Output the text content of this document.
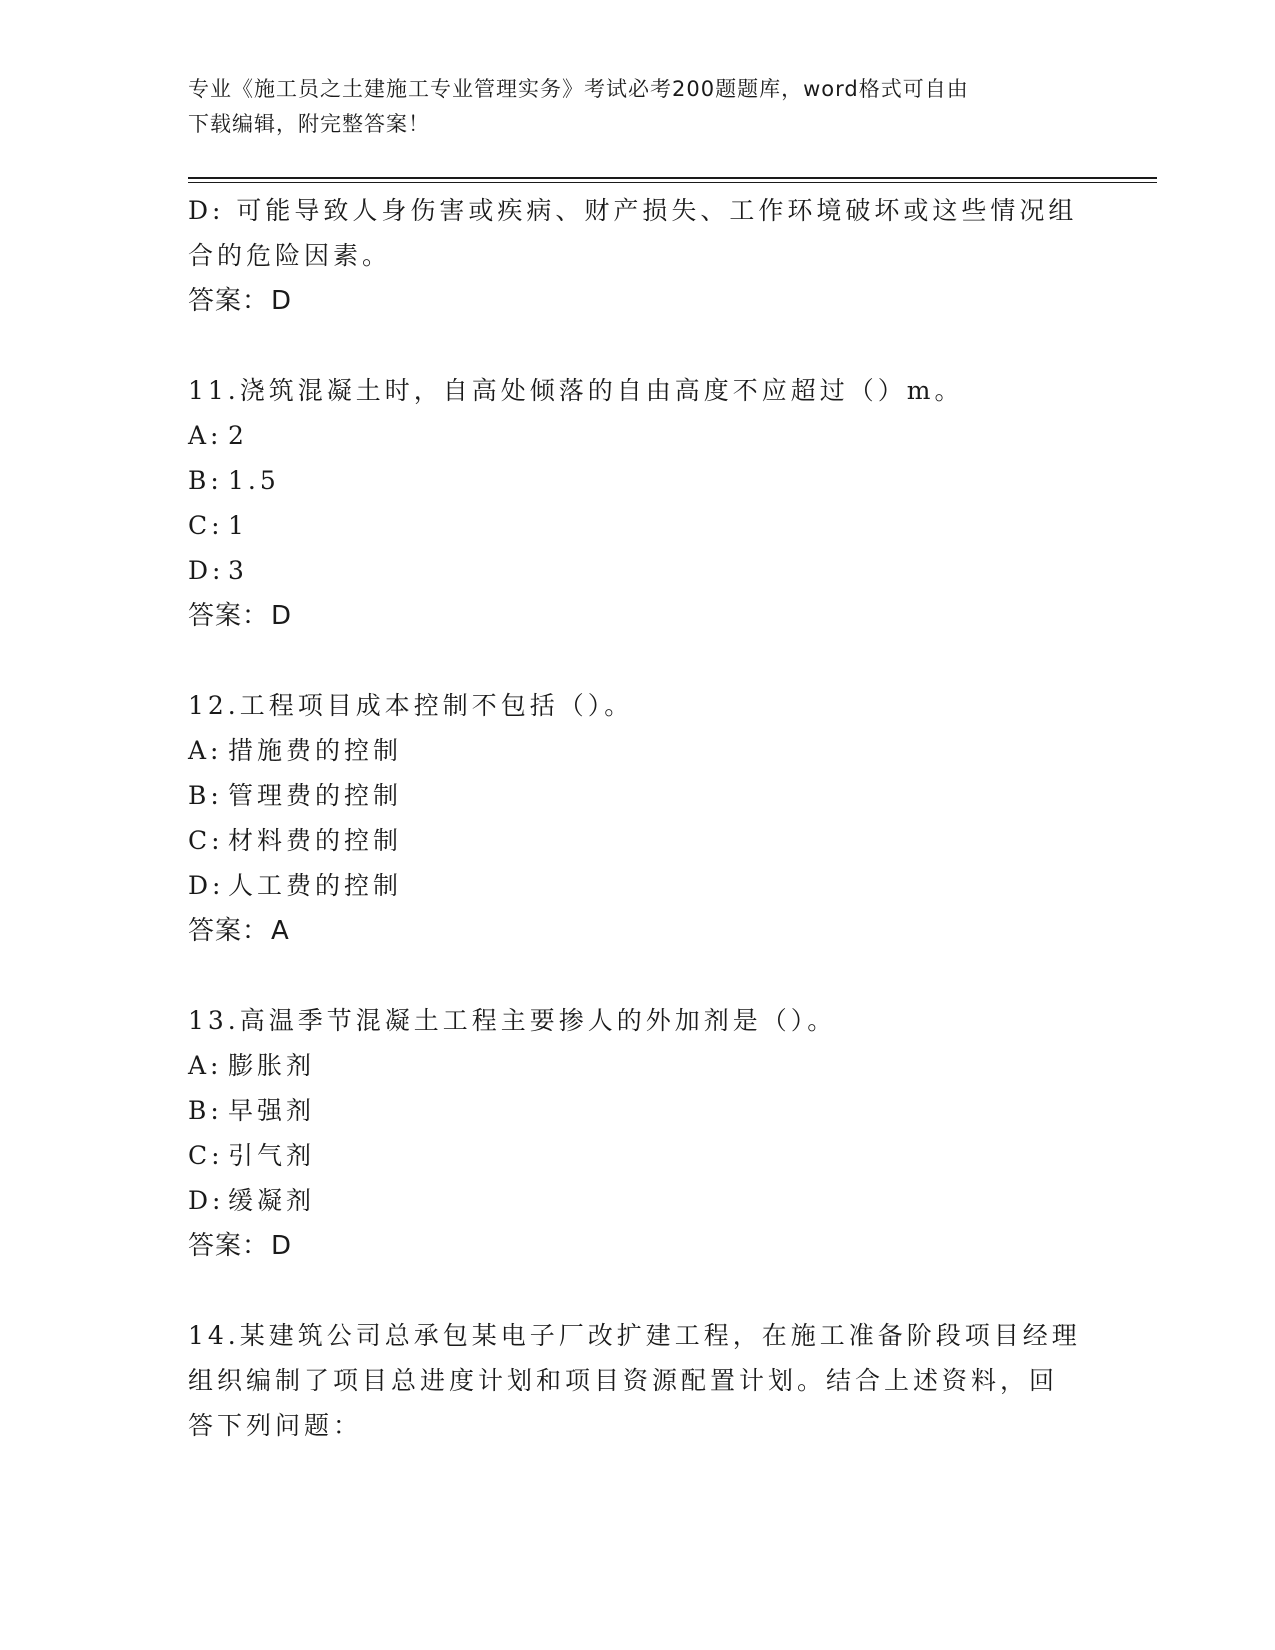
专业《施工员之土建施工专业管理实务》考试必考200题题库，word格式可自由
下载编辑，附完整答案！
D: 可能导致人身伤害或疾病、财产损失、工作环境破坏或这些情况组
合的危险因素。
答案：D
11.浇筑混凝土时，自高处倾落的自由高度不应超过（）m。
A: 2
B: 1.5
C: 1
D: 3
答案：D
12.工程项目成本控制不包括（）。
A: 措施费的控制
B: 管理费的控制
C: 材料费的控制
D: 人工费的控制
答案：A
13.高温季节混凝土工程主要掺人的外加剂是（）。
A: 膨胀剂
B: 早强剂
C: 引气剂
D: 缓凝剂
答案：D
14.某建筑公司总承包某电子厂改扩建工程，在施工准备阶段项目经理
组织编制了项目总进度计划和项目资源配置计划。结合上述资料，回
答下列问题：
